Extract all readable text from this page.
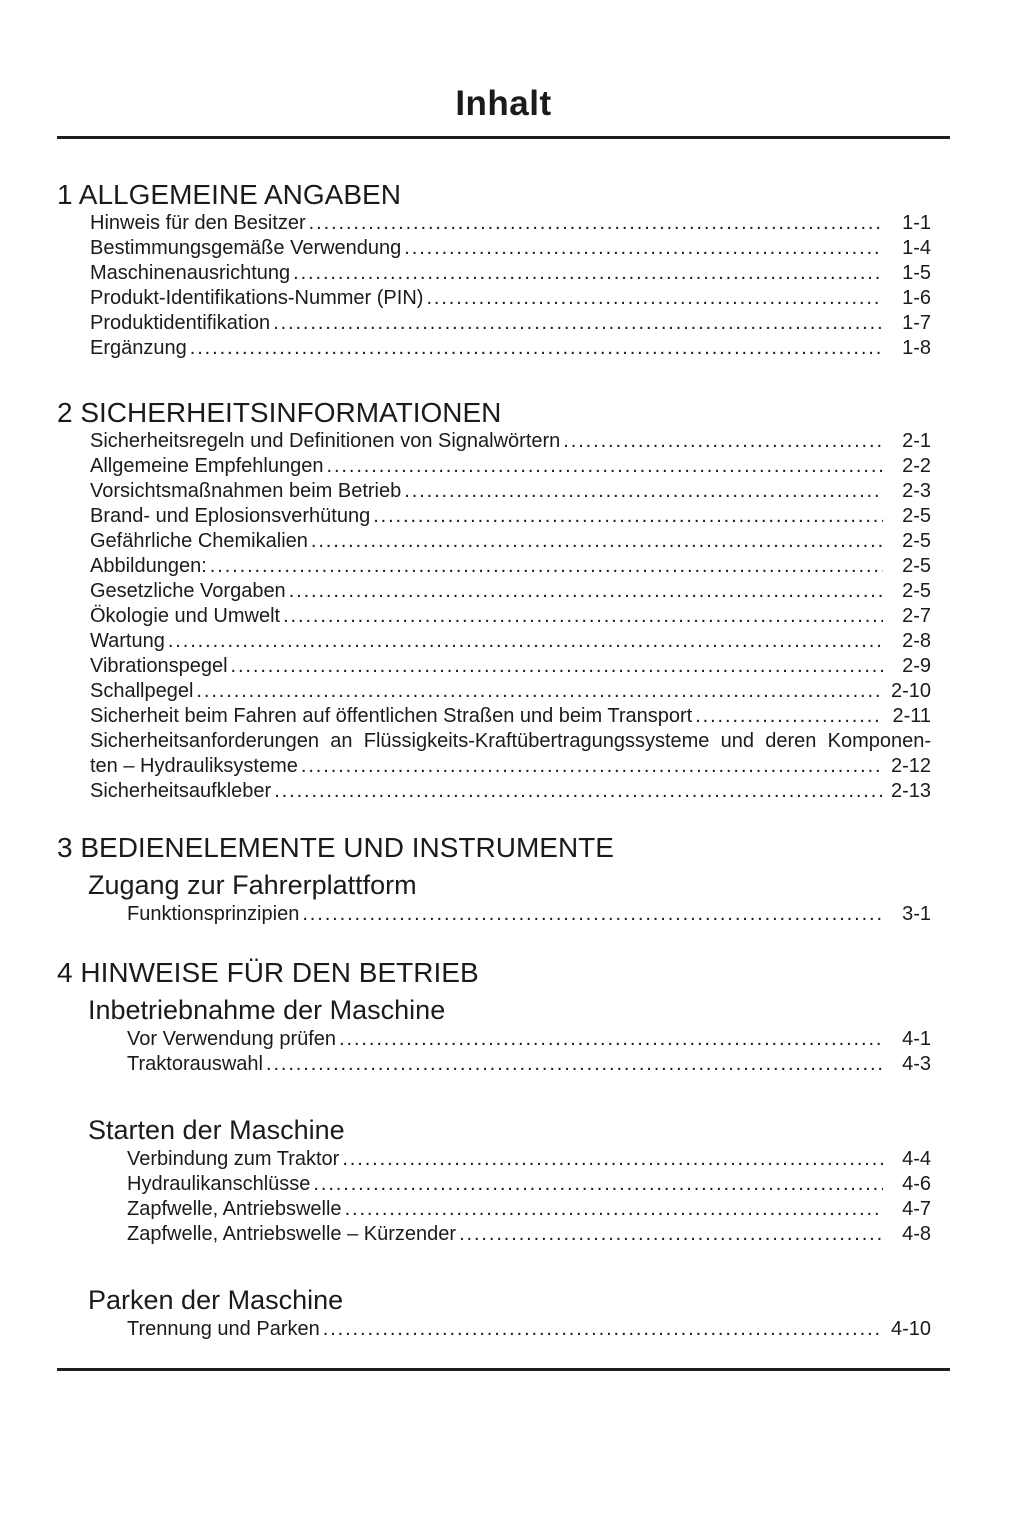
Inhalt
1 ALLGEMEINE ANGABEN
Hinweis für den Besitzer .....	1-1
Bestimmungsgemäße Verwendung .....	1-4
Maschinenausrichtung .....	1-5
Produkt-Identifikations-Nummer (PIN) .....	1-6
Produktidentifikation .....	1-7
Ergänzung .....	1-8
2 SICHERHEITSINFORMATIONEN
Sicherheitsregeln und Definitionen von Signalwörtern .....	2-1
Allgemeine Empfehlungen .....	2-2
Vorsichtsmaßnahmen beim Betrieb .....	2-3
Brand- und Eplosionsverhütung .....	2-5
Gefährliche Chemikalien .....	2-5
Abbildungen: .....	2-5
Gesetzliche Vorgaben .....	2-5
Ökologie und Umwelt .....	2-7
Wartung .....	2-8
Vibrationspegel .....	2-9
Schallpegel .....	2-10
Sicherheit beim Fahren auf öffentlichen Straßen und beim Transport .....	2-11
Sicherheitsanforderungen an Flüssigkeits-Kraftübertragungssysteme und deren Komponen-
ten – Hydrauliksysteme .....	2-12
Sicherheitsaufkleber .....	2-13
3 BEDIENELEMENTE UND INSTRUMENTE
Zugang zur Fahrerplattform
Funktionsprinzipien .....	3-1
4 HINWEISE FÜR DEN BETRIEB
Inbetriebnahme der Maschine
Vor Verwendung prüfen .....	4-1
Traktorauswahl .....	4-3
Starten der Maschine
Verbindung zum Traktor .....	4-4
Hydraulikanschlüsse .....	4-6
Zapfwelle, Antriebswelle .....	4-7
Zapfwelle, Antriebswelle – Kürzender .....	4-8
Parken der Maschine
Trennung und Parken .....	4-10
